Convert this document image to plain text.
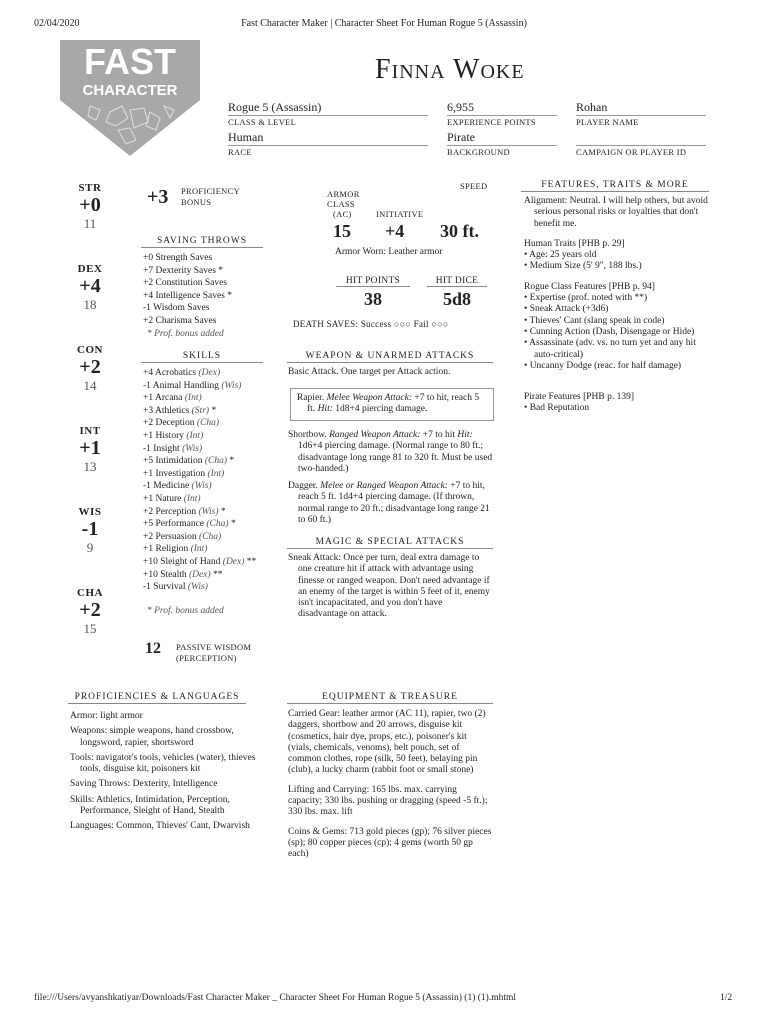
02/04/2020	Fast Character Maker | Character Sheet For Human Rogue 5 (Assassin)
FAST
CHARACTER
Finna Woke
Rogue 5 (Assassin)
CLASS & LEVEL
6,955
EXPERIENCE POINTS
Rohan
PLAYER NAME
Human
RACE
Pirate
BACKGROUND	CAMPAIGN OR PLAYER ID
STR
+0
11
DEX
+4
18
CON
+2
14
INT
+1
13
WIS
-1
9
CHA
+2
15
+3 PROFICIENCY
BONUS
SAVING THROWS
+0 Strength Saves
+7 Dexterity Saves *
+2 Constitution Saves
+4 Intelligence Saves *
-1 Wisdom Saves
+2 Charisma Saves
* Prof. bonus added
SKILLS
+4 Acrobatics (Dex)
-1 Animal Handling (Wis)
+1 Arcana (Int)
+3 Athletics (Str) *
+2 Deception (Cha)
+1 History (Int)
-1 Insight (Wis)
+5 Intimidation (Cha) *
+1 Investigation (Int)
-1 Medicine (Wis)
+1 Nature (Int)
+2 Perception (Wis) *
+5 Performance (Cha) *
+2 Persuasion (Cha)
+1 Religion (Int)
+10 Sleight of Hand (Dex) **
+10 Stealth (Dex) **
-1 Survival (Wis)
* Prof. bonus added
12 PASSIVE WISDOM
(PERCEPTION)
ARMOR
CLASS
(AC)	INITIATIVE
SPEED
15 +4 30 ft.
Armor Worn: Leather armor
HIT POINTS
38
HIT DICE
5d8
DEATH SAVES: Success ○○○ Fail ○○○
WEAPON & UNARMED ATTACKS
Basic Attack. One target per Attack action.
Rapier. Melee Weapon Attack: +7 to hit, reach 5 ft. Hit: 1d8+4 piercing damage.
Shortbow. Ranged Weapon Attack: +7 to hit Hit: 1d6+4 piercing damage. (Normal range to 80 ft.; disadvantage long range 81 to 320 ft. Must be used two-handed.)
Dagger. Melee or Ranged Weapon Attack: +7 to hit, reach 5 ft. 1d4+4 piercing damage. (If thrown, normal range to 20 ft.; disadvantage long range 21 to 60 ft.)
MAGIC & SPECIAL ATTACKS
Sneak Attack: Once per turn, deal extra damage to one creature hit if attack with advantage using finesse or ranged weapon. Don't need advantage if an enemy of the target is within 5 feet of it, enemy isn't incapacitated, and you don't have disadvantage on attack.
FEATURES, TRAITS & MORE
Alignment: Neutral. I will help others, but avoid serious personal risks or loyalties that don't benefit me.
Human Traits [PHB p. 29]
• Age: 25 years old
• Medium Size (5' 9", 188 lbs.)
Rogue Class Features [PHB p. 94]
• Expertise (prof. noted with **)
• Sneak Attack (+3d6)
• Thieves' Cant (slang speak in code)
• Cunning Action (Dash, Disengage or Hide)
• Assassinate (adv. vs. no turn yet and any hit auto-critical)
• Uncanny Dodge (reac. for half damage)
Pirate Features [PHB p. 139]
• Bad Reputation
PROFICIENCIES & LANGUAGES
Armor: light armor
Weapons: simple weapons, hand crossbow, longsword, rapier, shortsword
Tools: navigator's tools, vehicles (water), thieves tools, disguise kit, poisoners kit
Saving Throws: Dexterity, Intelligence
Skills: Athletics, Intimidation, Perception, Performance, Sleight of Hand, Stealth
Languages: Common, Thieves' Cant, Dwarvish
EQUIPMENT & TREASURE
Carried Gear: leather armor (AC 11), rapier, two (2) daggers, shortbow and 20 arrows, disguise kit (cosmetics, hair dye, props, etc.), poisoner's kit (vials, chemicals, venoms), belt pouch, set of common clothes, rope (silk, 50 feet), belaying pin (club), a lucky charm (rabbit foot or small stone)
Lifting and Carrying: 165 lbs. max. carrying capacity; 330 lbs. pushing or dragging (speed -5 ft.); 330 lbs. max. lift
Coins & Gems: 713 gold pieces (gp); 76 silver pieces (sp); 80 copper pieces (cp); 4 gems (worth 50 gp each)
file:///Users/avyanshkatiyar/Downloads/Fast Character Maker _ Character Sheet For Human Rogue 5 (Assassin) (1) (1).mhtml	1/2
